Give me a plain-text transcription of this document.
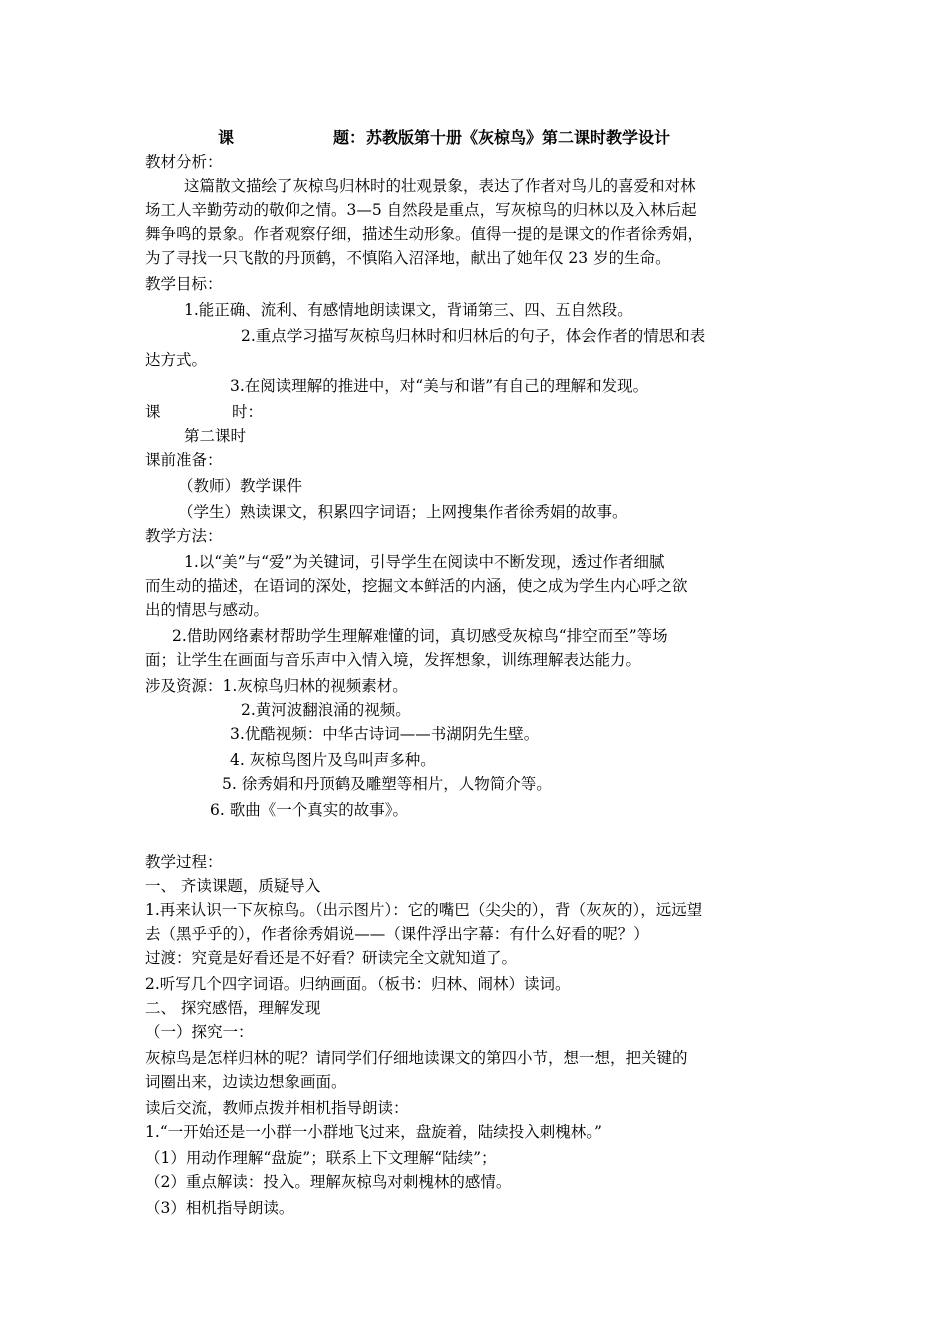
课	题： 苏教版第十册《灰椋鸟》第二课时教学设计
教材分析：
这篇散文描绘了灰椋鸟归林时的壮观景象，表达了作者对鸟儿的喜爱和对林
场工人辛勤劳动的敬仰之情。3—5 自然段是重点，写灰椋鸟的归林以及入林后起
舞争鸣的景象。作者观察仔细，描述生动形象。值得一提的是课文的作者徐秀娟，
为了寻找一只飞散的丹顶鹤，不慎陷入沼泽地，献出了她年仅 23 岁的生命。
教学目标：
1.能正确、流利、有感情地朗读课文，背诵第三、四、五自然段。
2.重点学习描写灰椋鸟归林时和归林后的句子，体会作者的情思和表
达方式。
3.在阅读理解的推进中，对“美与和谐”有自己的理解和发现。
课	时：
第二课时
课前准备：
（教师）教学课件
（学生）熟读课文，积累四字词语；上网搜集作者徐秀娟的故事。
教学方法：
1.以“美”与“爱”为关键词，引导学生在阅读中不断发现，透过作者细腻
而生动的描述，在语词的深处，挖掘文本鲜活的内涵，使之成为学生内心呼之欲
出的情思与感动。
2.借助网络素材帮助学生理解难懂的词，真切感受灰椋鸟“排空而至”等场
面；让学生在画面与音乐声中入情入境，发挥想象，训练理解表达能力。
涉及资源：1.灰椋鸟归林的视频素材。
2.黄河波翻浪涌的视频。
3.优酷视频：中华古诗词——书湖阴先生壁。
4. 灰椋鸟图片及鸟叫声多种。
5. 徐秀娟和丹顶鹤及雕塑等相片，人物简介等。
6. 歌曲《一个真实的故事》。
教学过程：
一、 齐读课题，质疑导入
1.再来认识一下灰椋鸟。（出示图片）：它的嘴巴（尖尖的），背（灰灰的），远远望
去（黑乎乎的），作者徐秀娟说——（课件浮出字幕：有什么好看的呢？）
过渡：究竟是好看还是不好看？研读完全文就知道了。
2.听写几个四字词语。归纳画面。（板书：归林、闹林）读词。
二、 探究感悟，理解发现
（一）探究一：
灰椋鸟是怎样归林的呢？请同学们仔细地读课文的第四小节，想一想，把关键的
词圈出来，边读边想象画面。
读后交流，教师点拨并相机指导朗读：
1.“一开始还是一小群一小群地飞过来，盘旋着，陆续投入刺槐林。”
（1）用动作理解“盘旋”；联系上下文理解“陆续”；
（2）重点解读：投入。理解灰椋鸟对刺槐林的感情。
（3）相机指导朗读。
